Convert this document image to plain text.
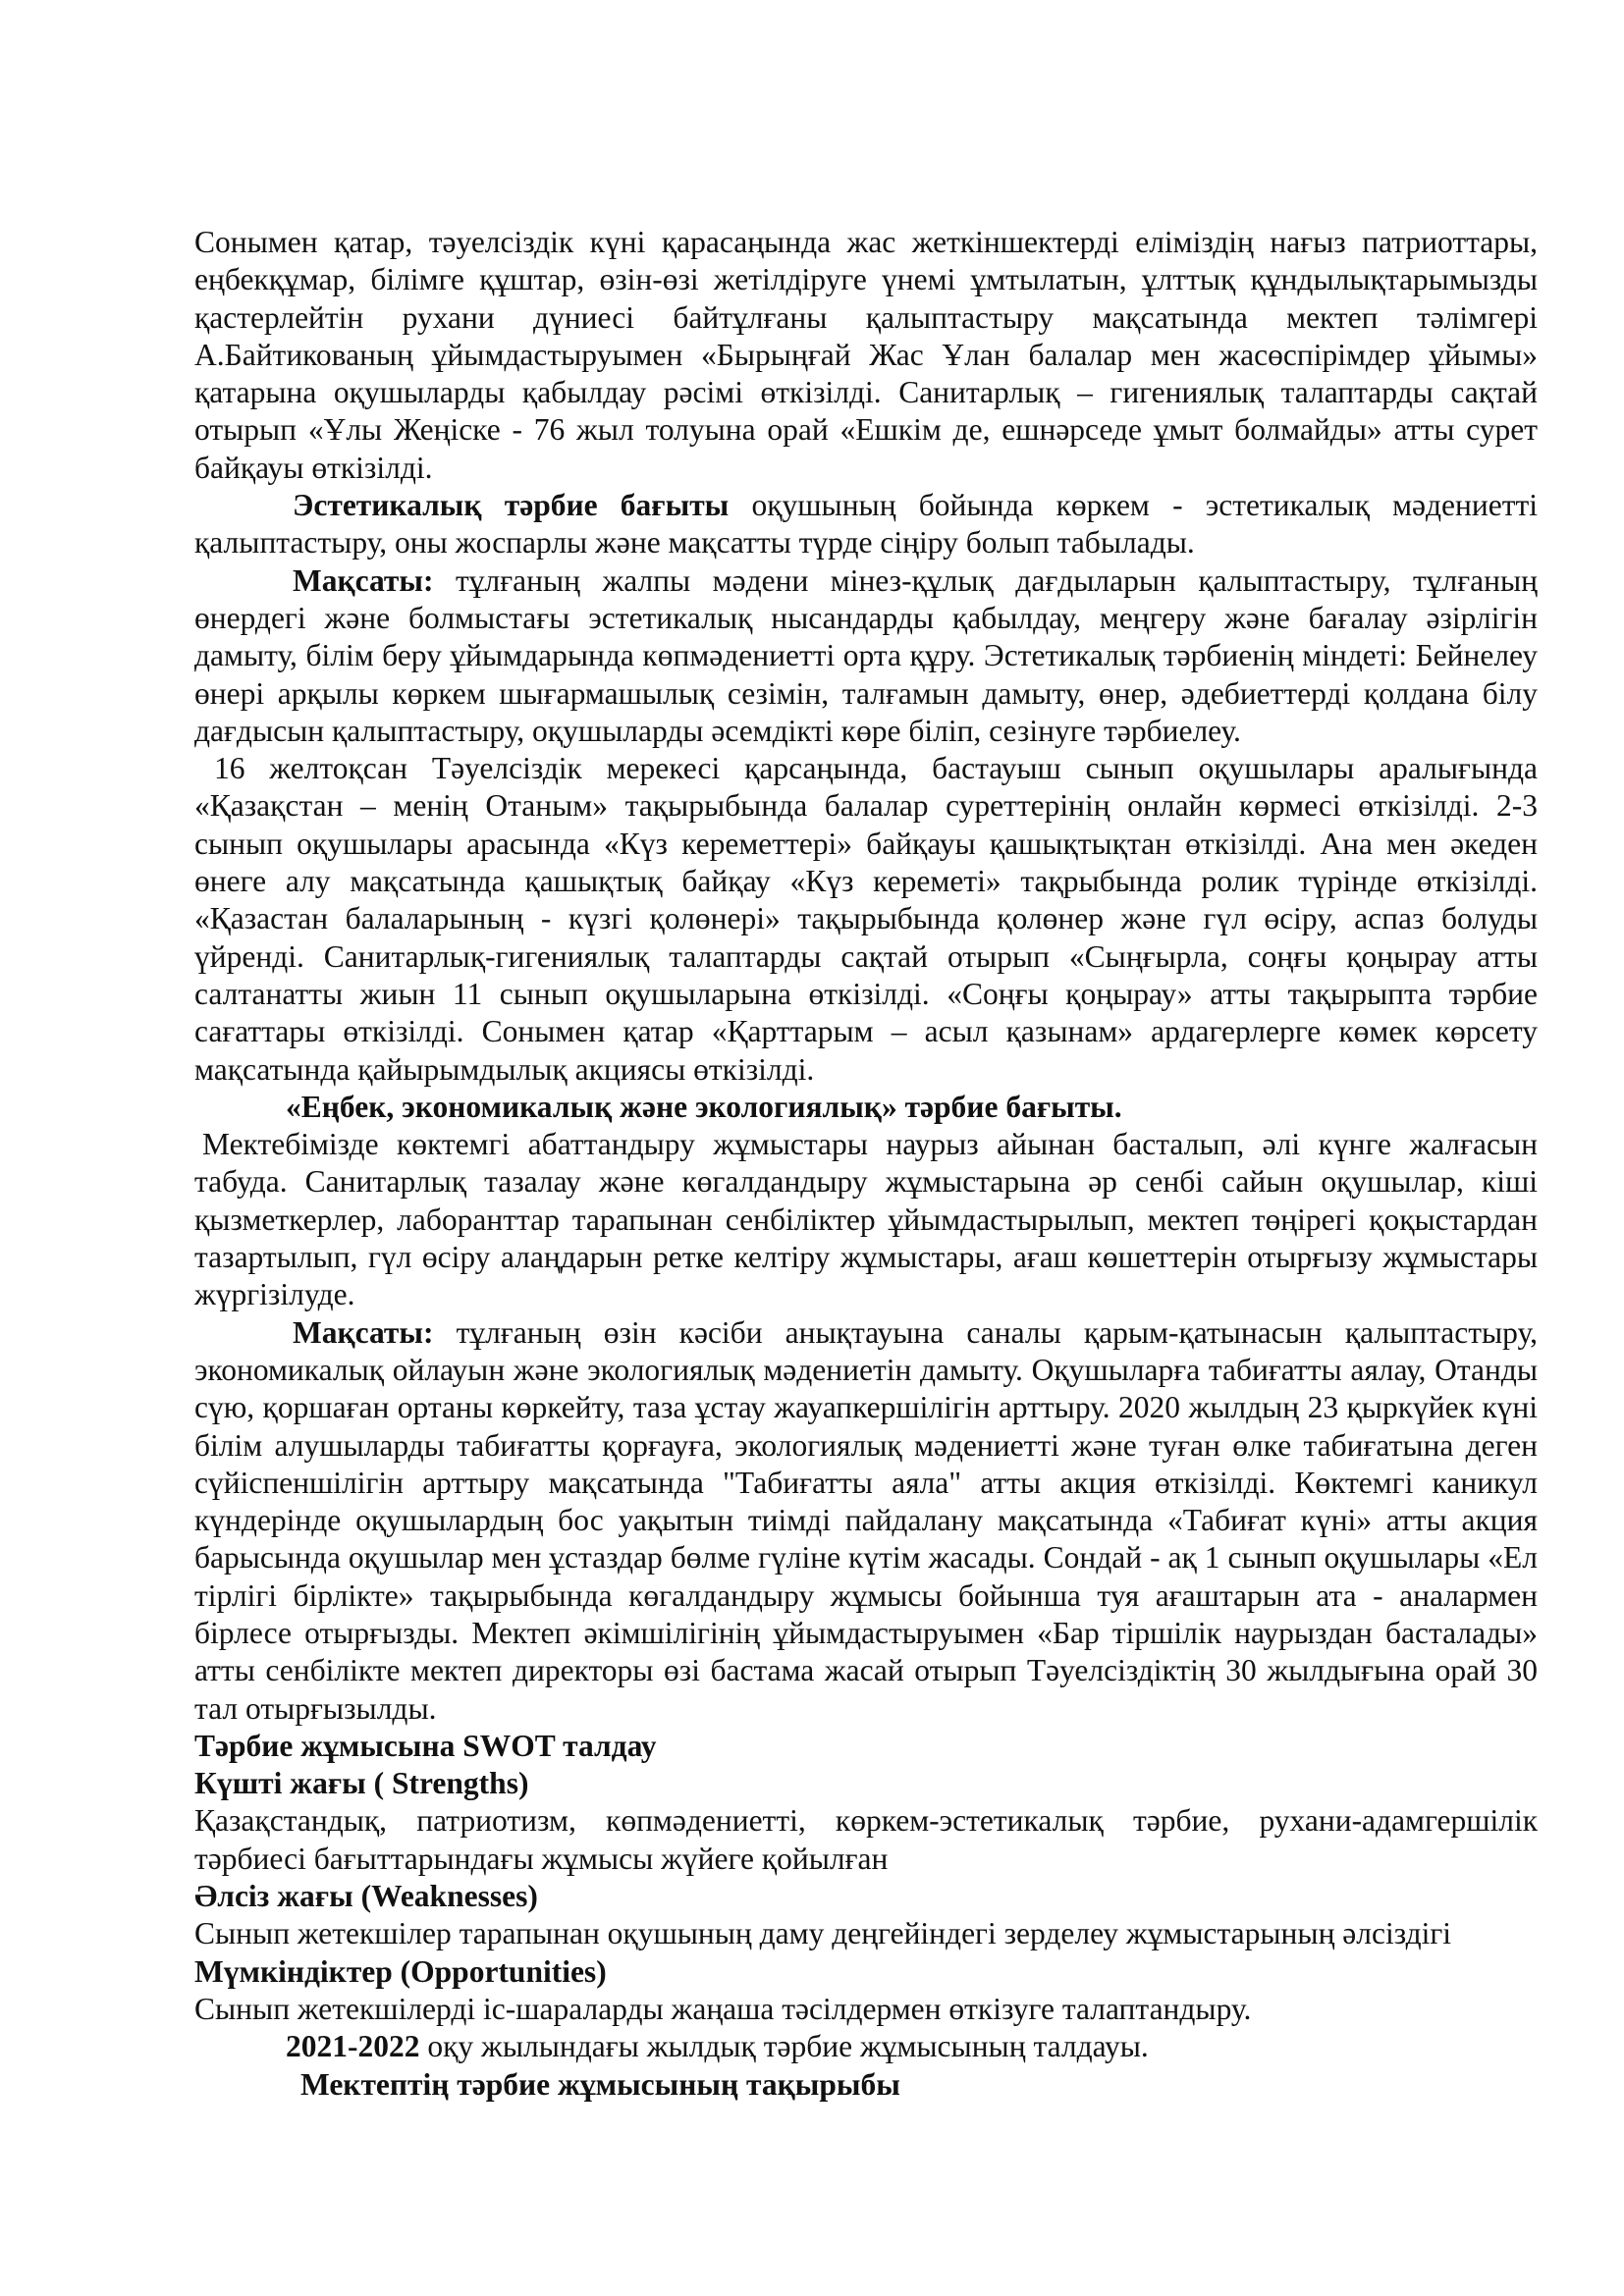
Сонымен қатар, тәуелсіздік күні қарасаңында жас жеткіншектерді еліміздің нағыз патриоттары, еңбекқұмар, білімге құштар, өзін-өзі жетілдіруге үнемі ұмтылатын, ұлттық құндылықтарымызды қастерлейтін рухани дүниесі байтұлғаны қалыптастыру мақсатында мектеп тәлімгері А.Байтикованың ұйымдастыруымен «Бырыңғай Жас Ұлан балалар мен жасөспірімдер ұйымы» қатарына оқушыларды қабылдау рәсімі өткізілді. Санитарлық – гигениялық талаптарды сақтай отырып «Ұлы Жеңіске - 76 жыл толуына орай «Ешкім де, ешнәрседе ұмыт болмайды» атты сурет байқауы өткізілді.

Эстетикалық тәрбие бағыты оқушының бойында көркем - эстетикалық мәдениетті қалыптастыру, оны жоспарлы және мақсатты түрде сіңіру болып табылады.

Мақсаты: тұлғаның жалпы мәдени мінез-құлық дағдыларын қалыптастыру, тұлғаның өнердегі және болмыстағы эстетикалық нысандарды қабылдау, меңгеру және бағалау әзірлігін дамыту, білім беру ұйымдарында көпмәдениетті орта құру. Эстетикалық тәрбиенің міндеті: Бейнелеу өнері арқылы көркем шығармашылық сезімін, талғамын дамыту, өнер, әдебиеттерді қолдана білу дағдысын қалыптастыру, оқушыларды әсемдікті көре біліп, сезінуге тәрбиелеу.

16 желтоқсан Тәуелсіздік мерекесі қарсаңында, бастауыш сынып оқушылары аралығында «Қазақстан – менің Отаным» тақырыбында балалар суреттерінің онлайн көрмесі өткізілді. 2-3 сынып оқушылары арасында «Күз кереметтері» байқауы қашықтықтан өткізілді. Ана мен әкеден өнеге алу мақсатында қашықтық байқау «Күз кереметі» тақрыбында ролик түрінде өткізілді. «Қазастан балаларының - күзгі қолөнері» тақырыбында қолөнер және гүл өсіру, аспаз болуды үйренді. Санитарлық-гигениялық талаптарды сақтай отырып «Сыңғырла, соңғы қоңырау атты салтанатты жиын 11 сынып оқушыларына өткізілді. «Соңғы қоңырау» атты тақырыпта тәрбие сағаттары өткізілді. Сонымен қатар «Қарттарым – асыл қазынам» ардагерлерге көмек көрсету мақсатында қайырымдылық акциясы өткізілді.

«Еңбек, экономикалық және экологиялық» тәрбие бағыты.

Мектебімізде көктемгі абаттандыру жұмыстары наурыз айынан басталып, әлі күнге жалғасын табуда. Санитарлық тазалау және көгалдандыру жұмыстарына әр сенбі сайын оқушылар, кіші қызметкерлер, лаборанттар тарапынан сенбіліктер ұйымдастырылып, мектеп төңірегі қоқыстардан тазартылып, гүл өсіру алаңдарын ретке келтіру жұмыстары, ағаш көшеттерін отырғызу жұмыстары жүргізілуде.

Мақсаты: тұлғаның өзін кәсіби анықтауына саналы қарым-қатынасын қалыптастыру, экономикалық ойлауын және экологиялық мәдениетін дамыту. Оқушыларға табиғатты аялау, Отанды сүю, қоршаған ортаны көркейту, таза ұстау жауапкершілігін арттыру. 2020 жылдың 23 қыркүйек күні білім алушыларды табиғатты қорғауға, экологиялық мәдениетті және туған өлке табиғатына деген сүйіспеншілігін арттыру мақсатында "Табиғатты аяла" атты акция өткізілді. Көктемгі каникул күндерінде оқушылардың бос уақытын тиімді пайдалану мақсатында «Табиғат күні» атты акция барысында оқушылар мен ұстаздар бөлме гүліне күтім жасады. Сондай - ақ 1 сынып оқушылары «Ел тірлігі бірлікте» тақырыбында көгалдандыру жұмысы бойынша туя ағаштарын ата - аналармен бірлесе отырғызды. Мектеп әкімшілігінің ұйымдастыруымен «Бар тіршілік наурыздан басталады» атты сенбілікте мектеп директоры өзі бастама жасай отырып Тәуелсіздіктің 30 жылдығына орай 30 тал отырғызылды.

Тәрбие жұмысына SWOT талдау

Күшті жағы ( Strengths)

Қазақстандық, патриотизм, көпмәдениетті, көркем-эстетикалық тәрбие, рухани-адамгершілік тәрбиесі бағыттарындағы жұмысы жүйеге қойылған

Әлсіз жағы (Weaknesses)

Сынып жетекшілер тарапынан оқушының даму деңгейіндегі зерделеу жұмыстарының әлсіздігі

Мүмкіндіктер (Opportunities)

Сынып жетекшілерді іс-шараларды жаңаша тәсілдермен өткізуге талаптандыру.

2021-2022 оқу жылындағы жылдық тәрбие жұмысының талдауы.

Мектептің тәрбие жұмысының тақырыбы
